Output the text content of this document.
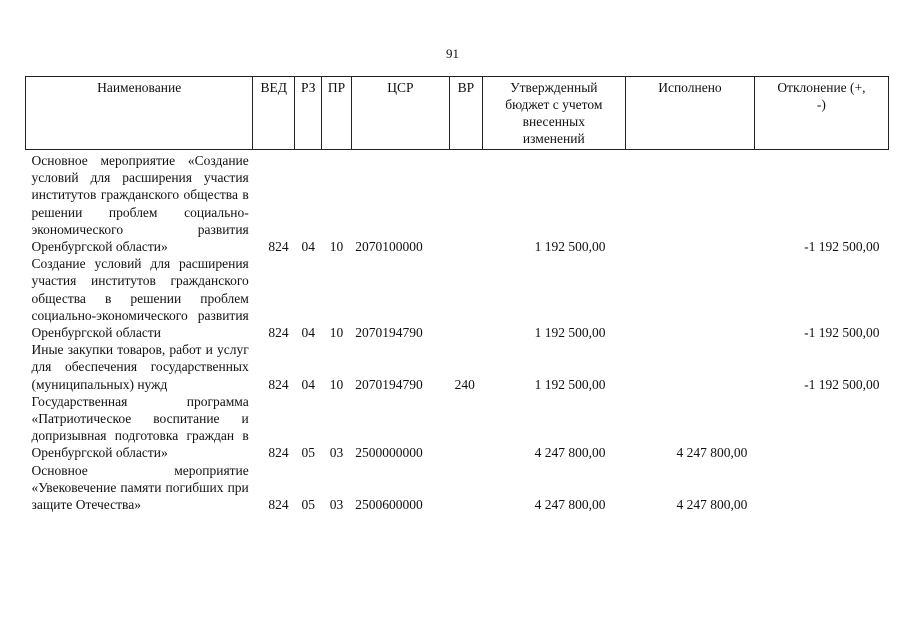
91
Наименование	ВЕД	РЗ	ПР	ЦСР	ВР	Утвержденный бюджет с учетом внесенных изменений	Исполнено	Отклонение (+, -)
Основное мероприятие «Создание условий для расширения участия институтов гражданского общества в решении проблем социально-экономического развития Оренбургской области»	824	04	10	2070100000		1 192 500,00		-1 192 500,00
Создание условий для расширения участия институтов гражданского общества в решении проблем социально-экономического развития Оренбургской области	824	04	10	2070194790		1 192 500,00		-1 192 500,00
Иные закупки товаров, работ и услуг для обеспечения государственных (муниципальных) нужд	824	04	10	2070194790	240	1 192 500,00		-1 192 500,00
Государственная программа «Патриотическое воспитание и допризывная подготовка граждан в Оренбургской области»	824	05	03	2500000000		4 247 800,00	4 247 800,00	
Основное мероприятие «Увековечение памяти погибших при защите Отечества»	824	05	03	2500600000		4 247 800,00	4 247 800,00	
